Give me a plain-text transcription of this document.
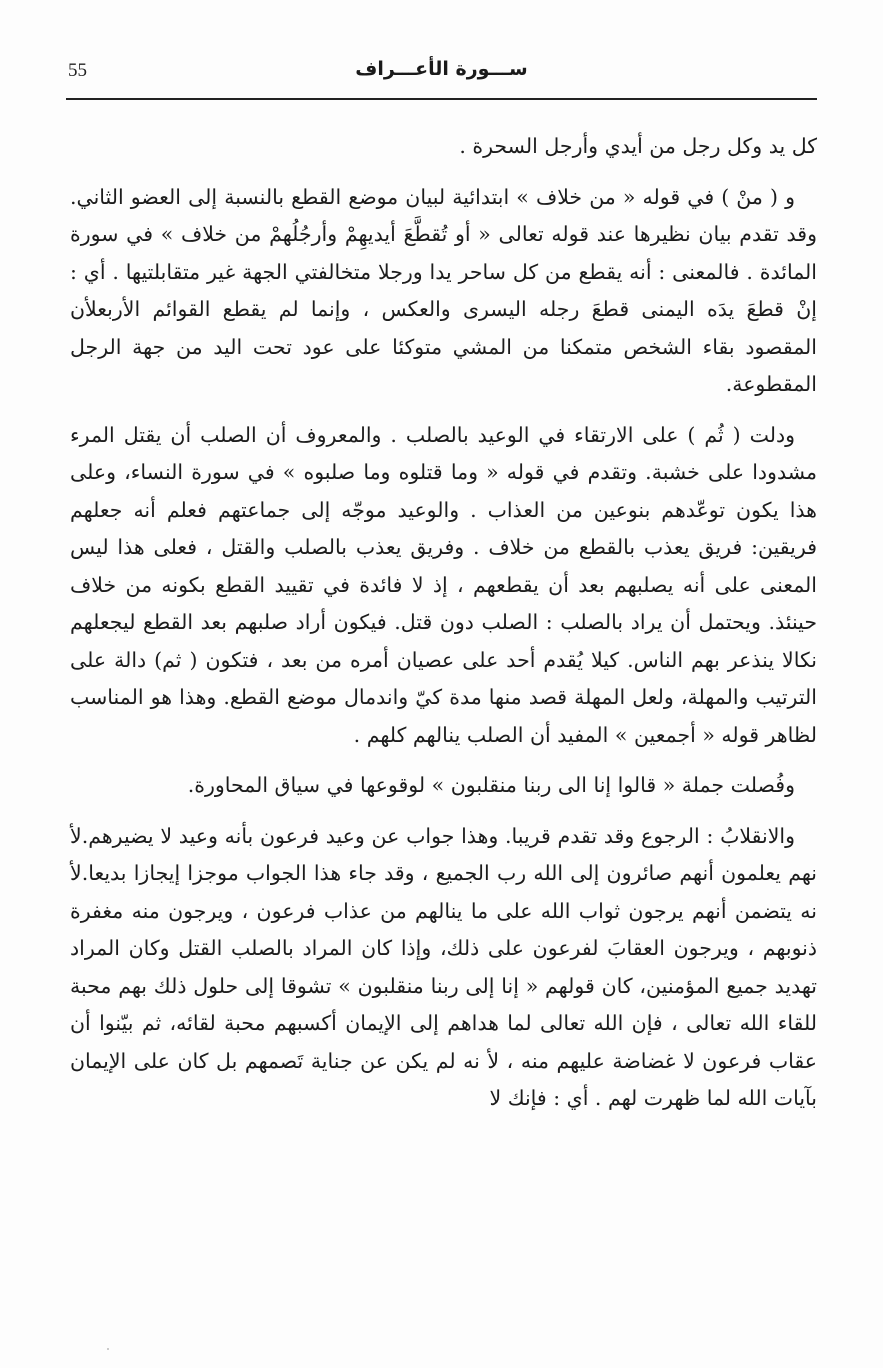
55	ســـورة الأعـــراف

كل يد وكل رجل من أيدي وأرجل السحرة .

و ( منْ ) في قوله « من خلاف » ابتدائية لبيان موضع القطع بالنسبة إلى العضو الثاني. وقد تقدم بيان نظيرها عند قوله تعالى « أو تُقطَّعَ أيديهِمْ وأرجُلُهمْ من خلاف » في سورة المائدة . فالمعنى : أنه يقطع من كل ساحر يدا ورجلا متخالفتي الجهة غير متقابلتيها . أي : إنْ قطعَ يدَه اليمنى قطعَ رجله اليسرى والعكس ، وإنما لم يقطع القوائم الأربعلأن المقصود بقاء الشخص متمكنا من المشي متوكئا على عود تحت اليد من جهة الرجل المقطوعة.

ودلت ( ثُم ) على الارتقاء في الوعيد بالصلب . والمعروف أن الصلب أن يقتل المرء مشدودا على خشبة. وتقدم في قوله « وما قتلوه وما صلبوه » في سورة النساء، وعلى هذا يكون توعّدهم بنوعين من العذاب . والوعيد موجّه إلى جماعتهم فعلم أنه جعلهم فريقين: فريق يعذب بالقطع من خلاف . وفريق يعذب بالصلب والقتل ، فعلى هذا ليس المعنى على أنه يصلبهم بعد أن يقطعهم ، إذ لا فائدة في تقييد القطع بكونه من خلاف حينئذ. ويحتمل أن يراد بالصلب : الصلب دون قتل. فيكون أراد صلبهم بعد القطع ليجعلهم نكالا ينذعر بهم الناس. كيلا يُقدم أحد على عصيان أمره من بعد ، فتكون ( ثم) دالة على الترتيب والمهلة، ولعل المهلة قصد منها مدة كيّ واندمال موضع القطع. وهذا هو المناسب لظاهر قوله « أجمعين » المفيد أن الصلب ينالهم كلهم .

وفُصلت جملة « قالوا إنا الى ربنا منقلبون » لوقوعها في سياق المحاورة.

والانقلابُ : الرجوع وقد تقدم قريبا. وهذا جواب عن وعيد فرعون بأنه وعيد لا يضيرهم.لأ نهم يعلمون أنهم صائرون إلى الله رب الجميع ، وقد جاء هذا الجواب موجزا إيجازا بديعا.لأ نه يتضمن أنهم يرجون ثواب الله على ما ينالهم من عذاب فرعون ، ويرجون منه مغفرة ذنوبهم ، ويرجون العقابَ لفرعون على ذلك، وإذا كان المراد بالصلب القتل وكان المراد تهديد جميع المؤمنين، كان قولهم « إنا إلى ربنا منقلبون » تشوقا إلى حلول ذلك بهم محبة للقاء الله تعالى ، فإن الله تعالى لما هداهم إلى الإيمان أكسبهم محبة لقائه، ثم بيّنوا أن عقاب فرعون لا غضاضة عليهم منه ، لأ نه لم يكن عن جناية تَصمهم بل كان على الإيمان بآيات الله لما ظهرت لهم . أي : فإنك لا
